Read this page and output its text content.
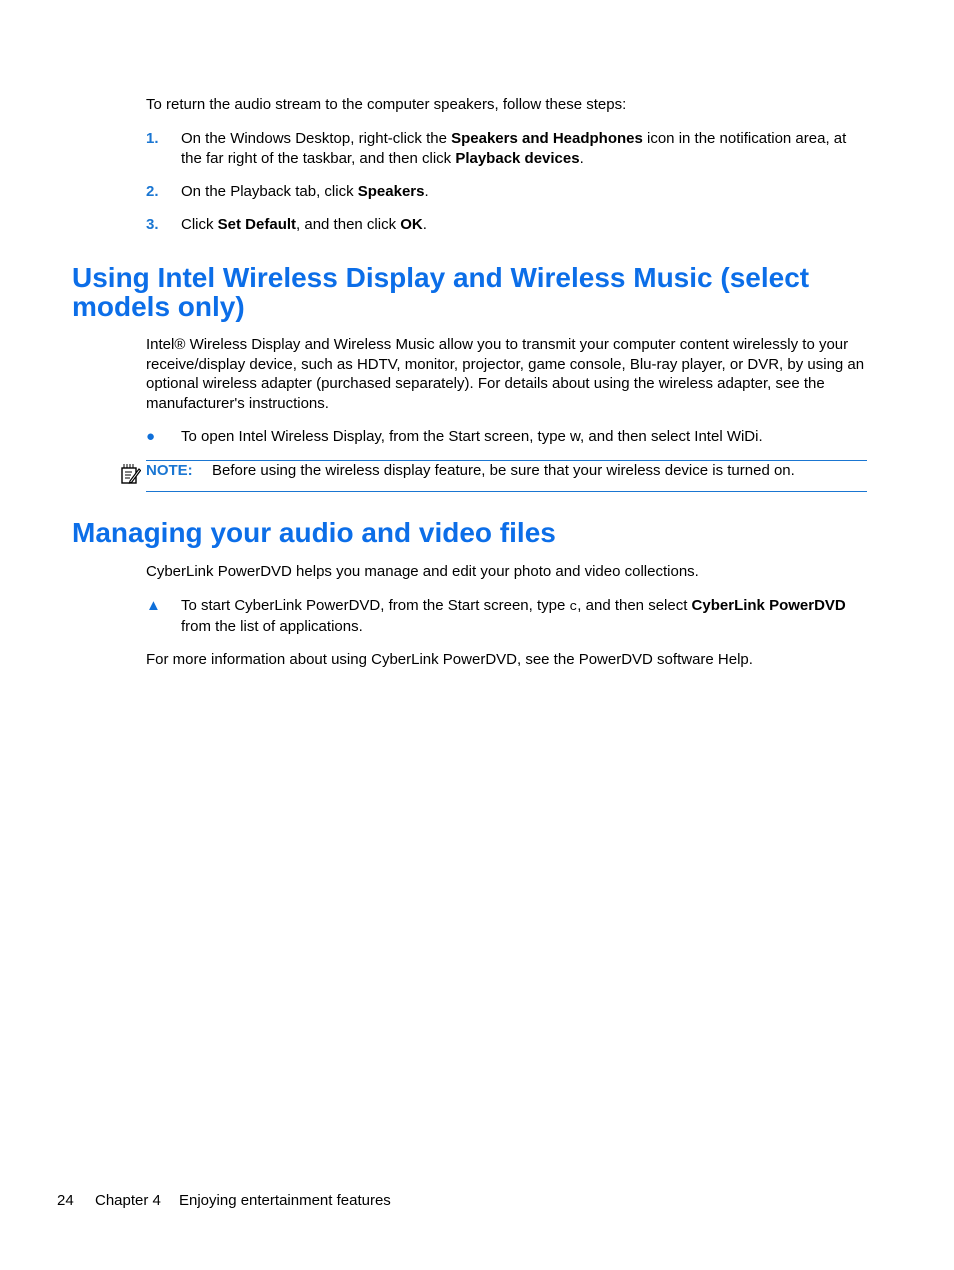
To return the audio stream to the computer speakers, follow these steps:

1. On the Windows Desktop, right-click the Speakers and Headphones icon in the notification area, at the far right of the taskbar, and then click Playback devices.
2. On the Playback tab, click Speakers.
3. Click Set Default, and then click OK.
Using Intel Wireless Display and Wireless Music (select models only)

Intel® Wireless Display and Wireless Music allow you to transmit your computer content wirelessly to your receive/display device, such as HDTV, monitor, projector, game console, Blu-ray player, or DVR, by using an optional wireless adapter (purchased separately). For details about using the wireless adapter, see the manufacturer's instructions.

● To open Intel Wireless Display, from the Start screen, type w, and then select Intel WiDi.
NOTE: Before using the wireless display feature, be sure that your wireless device is turned on.
Managing your audio and video files

CyberLink PowerDVD helps you manage and edit your photo and video collections.

▲ To start CyberLink PowerDVD, from the Start screen, type c, and then select CyberLink PowerDVD from the list of applications.

For more information about using CyberLink PowerDVD, see the PowerDVD software Help.

24 Chapter 4 Enjoying entertainment features
